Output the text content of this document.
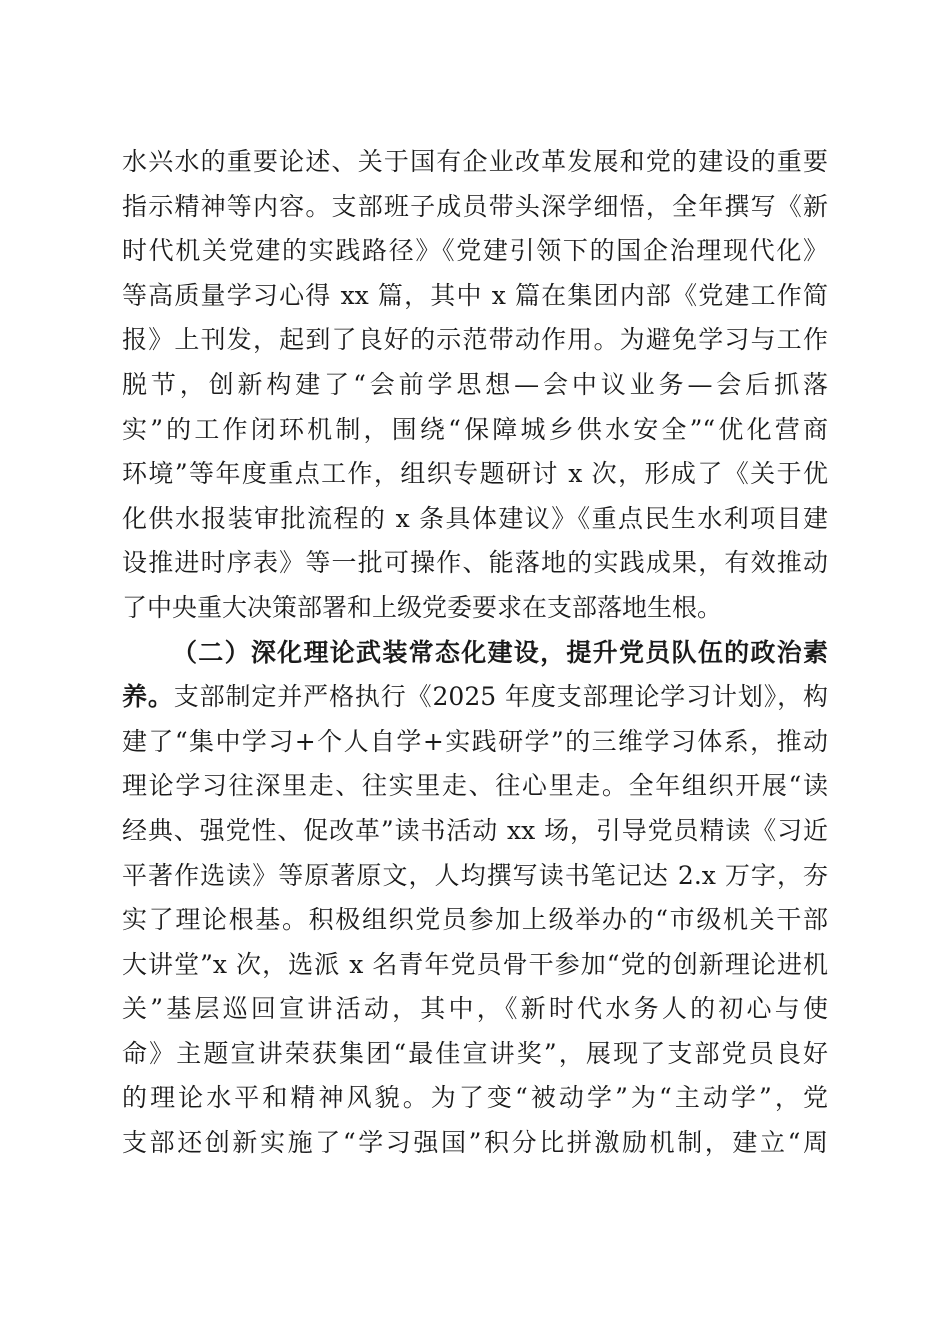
水兴水的重要论述、关于国有企业改革发展和党的建设的重要
指示精神等内容。支部班子成员带头深学细悟，全年撰写《新
时代机关党建的实践路径》《党建引领下的国企治理现代化》
等高质量学习心得 xx 篇，其中 x 篇在集团内部《党建工作简
报》上刊发，起到了良好的示范带动作用。为避免学习与工作
脱节，创新构建了“会前学思想—会中议业务—会后抓落
实”的工作闭环机制，围绕“保障城乡供水安全”“优化营商
环境”等年度重点工作，组织专题研讨 x 次，形成了《关于优
化供水报装审批流程的 x 条具体建议》《重点民生水利项目建
设推进时序表》等一批可操作、能落地的实践成果，有效推动
了中央重大决策部署和上级党委要求在支部落地生根。
（二）深化理论武装常态化建设，提升党员队伍的政治素
养。支部制定并严格执行《2025 年度支部理论学习计划》，构
建了“集中学习+个人自学+实践研学”的三维学习体系，推动
理论学习往深里走、往实里走、往心里走。全年组织开展“读
经典、强党性、促改革”读书活动 xx 场，引导党员精读《习近
平著作选读》等原著原文，人均撰写读书笔记达 2.x 万字，夯
实了理论根基。积极组织党员参加上级举办的“市级机关干部
大讲堂”x 次，选派 x 名青年党员骨干参加“党的创新理论进机
关”基层巡回宣讲活动，其中，《新时代水务人的初心与使
命》主题宣讲荣获集团“最佳宣讲奖”，展现了支部党员良好
的理论水平和精神风貌。为了变“被动学”为“主动学”，党
支部还创新实施了“学习强国”积分比拼激励机制，建立“周
